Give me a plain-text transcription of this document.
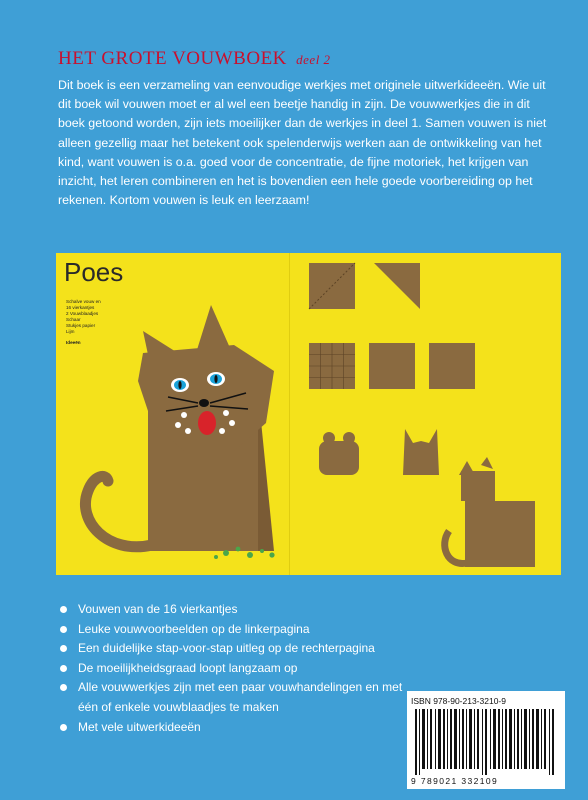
HET GROTE VOUWBOEK deel 2

Dit boek is een verzameling van eenvoudige werkjes met originele uitwerkideeën. Wie uit dit boek wil vouwen moet er al wel een beetje handig in zijn. De vouwwerkjes die in dit boek getoond worden, zijn iets moeilijker dan de werkjes in deel 1. Samen vouwen is niet alleen gezellig maar het betekent ook spelenderwijs werken aan de ontwikkeling van het kind, want vouwen is o.a. goed voor de concentratie, de fijne motoriek, het krijgen van inzicht, het leren combineren en het is bovendien een hele goede voorbereiding op het rekenen. Kortom vouwen is leuk en leerzaam!

Poes
Schalve vouw en
16 vierkantjes
2 Vouwblaadjes
Schaar
Stukjes papier
Lijm
Ideeën
Vouwen van de 16 vierkantjes
Leuke vouwvoorbeelden op de linkerpagina
Een duidelijke stap-voor-stap uitleg op de rechterpagina
De moeilijkheidsgraad loopt langzaam op
Alle vouwwerkjes zijn met een paar vouwhandelingen en met één of enkele vouwblaadjes te maken
Met vele uitwerkideeën
ISBN 978-90-213-3210-9
9 789021 332109
